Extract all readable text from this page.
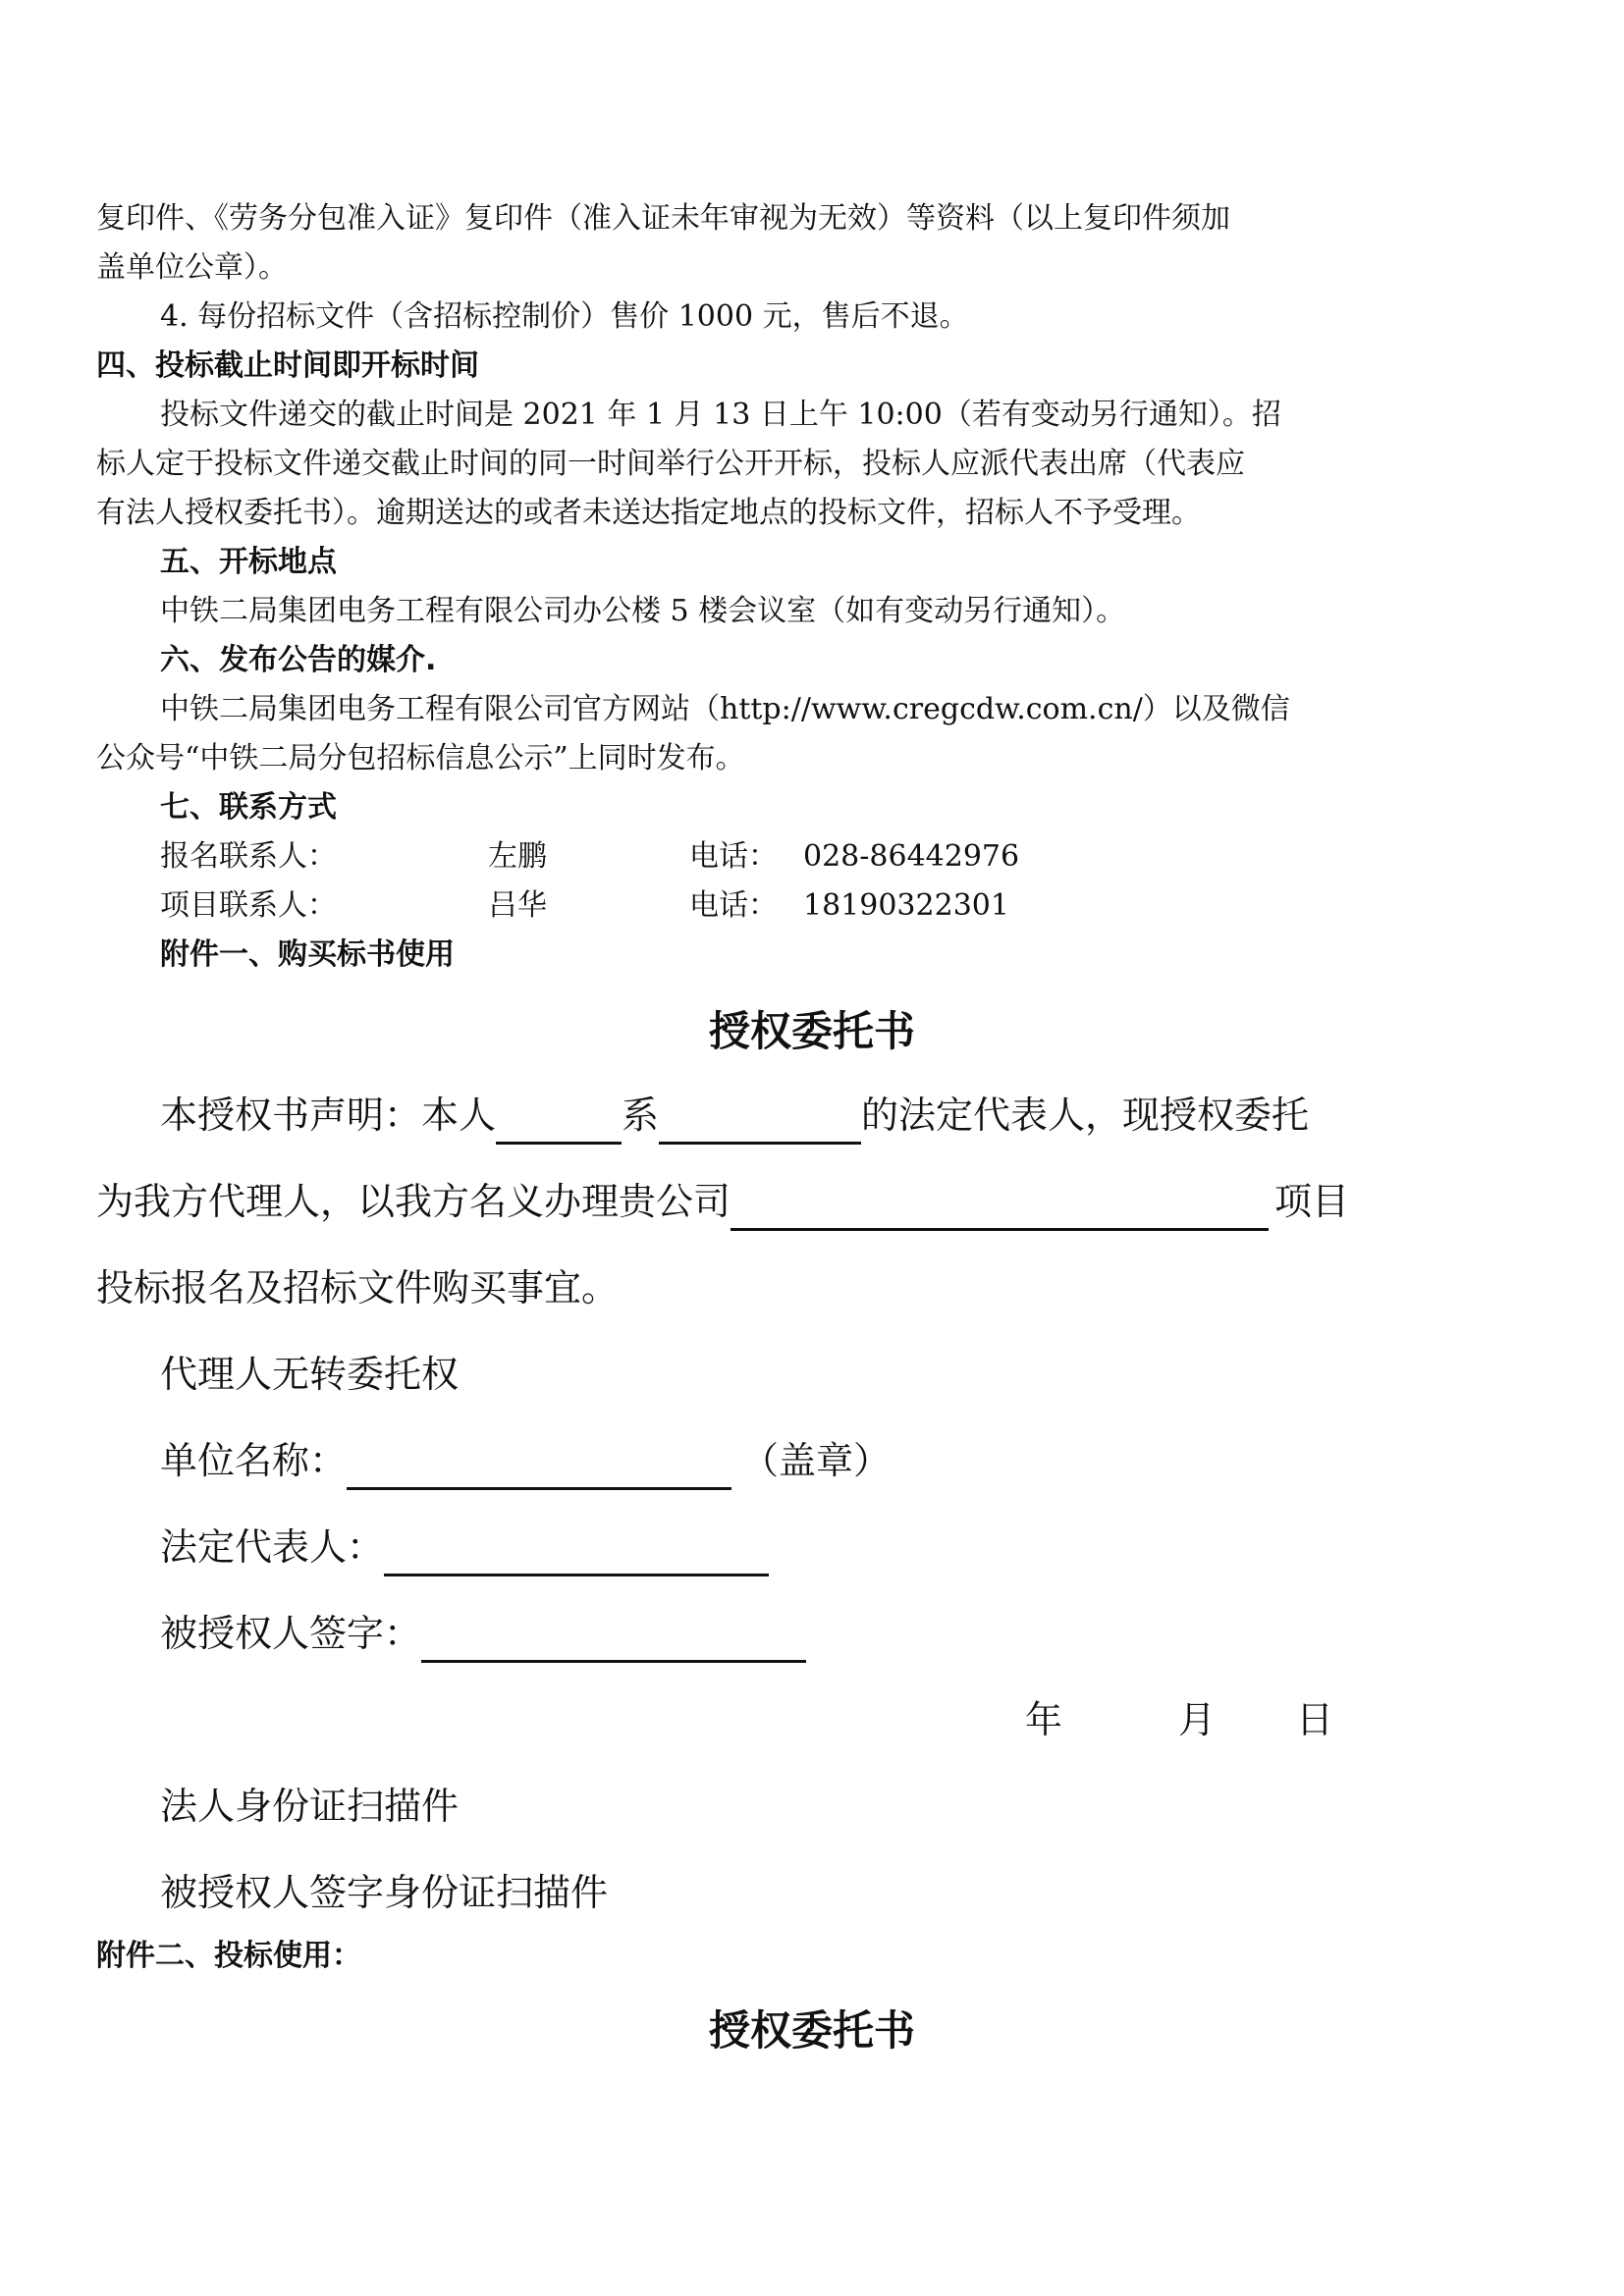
复印件、《劳务分包准入证》复印件（准入证未年审视为无效）等资料（以上复印件须加
盖单位公章）。
4. 每份招标文件（含招标控制价）售价 1000 元，售后不退。
四、投标截止时间即开标时间
投标文件递交的截止时间是 2021 年 1 月 13 日上午 10:00（若有变动另行通知）。招
标人定于投标文件递交截止时间的同一时间举行公开开标，投标人应派代表出席（代表应
有法人授权委托书）。逾期送达的或者未送达指定地点的投标文件，招标人不予受理。
五、开标地点
中铁二局集团电务工程有限公司办公楼 5 楼会议室（如有变动另行通知）。
六、发布公告的媒介.
中铁二局集团电务工程有限公司官方网站（http://www.cregcdw.com.cn/）以及微信
公众号“中铁二局分包招标信息公示”上同时发布。
七、联系方式
报名联系人：	左鹏	电话： 028-86442976
项目联系人：	吕华	电话： 18190322301
附件一、购买标书使用
授权委托书
本授权书声明：本人	系	的法定代表人，现授权委托
为我方代理人，以我方名义办理贵公司	项目
投标报名及招标文件购买事宜。
代理人无转委托权
单位名称：	（盖章）
法定代表人：
被授权人签字：
年	月 日
法人身份证扫描件
被授权人签字身份证扫描件
附件二、投标使用：
授权委托书
